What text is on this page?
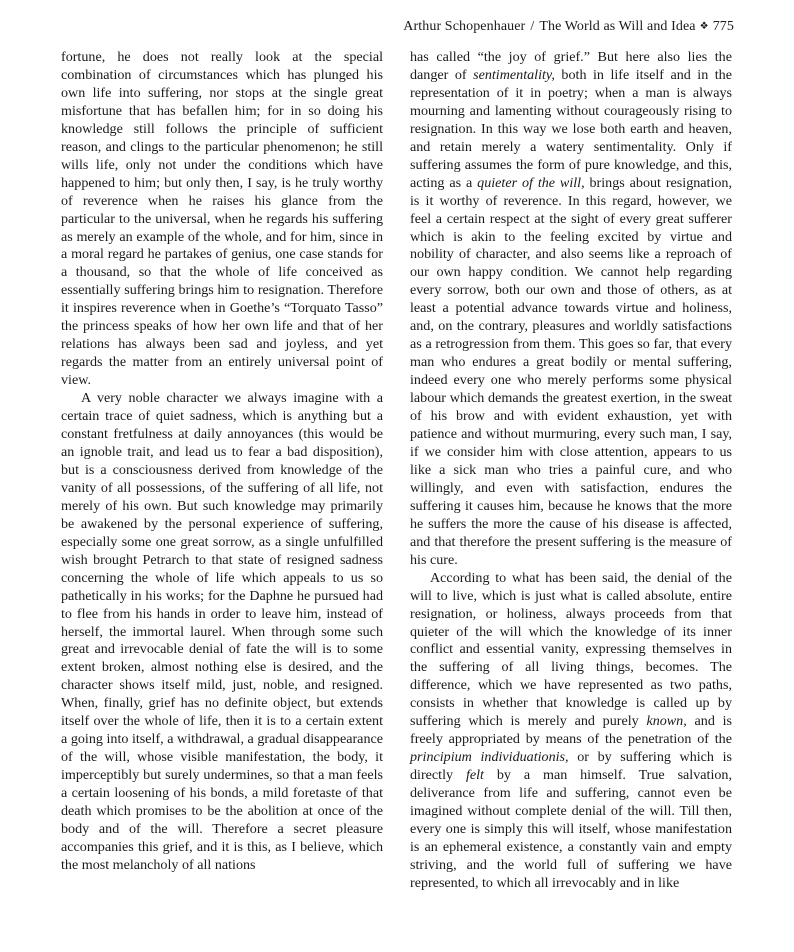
Arthur Schopenhauer / The World as Will and Idea ❖ 775

fortune, he does not really look at the special combination of circumstances which has plunged his own life into suffering, nor stops at the single great misfortune that has befallen him; for in so doing his knowledge still follows the principle of sufficient reason, and clings to the particular phenomenon; he still wills life, only not under the conditions which have happened to him; but only then, I say, is he truly worthy of reverence when he raises his glance from the particular to the universal, when he regards his suffering as merely an example of the whole, and for him, since in a moral regard he partakes of genius, one case stands for a thousand, so that the whole of life conceived as essentially suffering brings him to resignation. Therefore it inspires reverence when in Goethe’s “Torquato Tasso” the princess speaks of how her own life and that of her relations has always been sad and joyless, and yet regards the matter from an entirely universal point of view.

A very noble character we always imagine with a certain trace of quiet sadness, which is anything but a constant fretfulness at daily annoyances (this would be an ignoble trait, and lead us to fear a bad disposition), but is a consciousness derived from knowledge of the vanity of all possessions, of the suffering of all life, not merely of his own. But such knowledge may primarily be awakened by the personal experience of suffering, especially some one great sorrow, as a single unfulfilled wish brought Petrarch to that state of resigned sadness concerning the whole of life which appeals to us so pathetically in his works; for the Daphne he pursued had to flee from his hands in order to leave him, instead of herself, the immortal laurel. When through some such great and irrevocable denial of fate the will is to some extent broken, almost nothing else is desired, and the character shows itself mild, just, noble, and resigned. When, finally, grief has no definite object, but extends itself over the whole of life, then it is to a certain extent a going into itself, a withdrawal, a gradual disappearance of the will, whose visible manifestation, the body, it imperceptibly but surely undermines, so that a man feels a certain loosening of his bonds, a mild foretaste of that death which promises to be the abolition at once of the body and of the will. Therefore a secret pleasure accompanies this grief, and it is this, as I believe, which the most melancholy of all nations

has called “the joy of grief.” But here also lies the danger of sentimentality, both in life itself and in the representation of it in poetry; when a man is always mourning and lamenting without courageously rising to resignation. In this way we lose both earth and heaven, and retain merely a watery sentimentality. Only if suffering assumes the form of pure knowledge, and this, acting as a quieter of the will, brings about resignation, is it worthy of reverence. In this regard, however, we feel a certain respect at the sight of every great sufferer which is akin to the feeling excited by virtue and nobility of character, and also seems like a reproach of our own happy condition. We cannot help regarding every sorrow, both our own and those of others, as at least a potential advance towards virtue and holiness, and, on the contrary, pleasures and worldly satisfactions as a retrogression from them. This goes so far, that every man who endures a great bodily or mental suffering, indeed every one who merely performs some physical labour which demands the greatest exertion, in the sweat of his brow and with evident exhaustion, yet with patience and without murmuring, every such man, I say, if we consider him with close attention, appears to us like a sick man who tries a painful cure, and who willingly, and even with satisfaction, endures the suffering it causes him, because he knows that the more he suffers the more the cause of his disease is affected, and that therefore the present suffering is the measure of his cure.

According to what has been said, the denial of the will to live, which is just what is called absolute, entire resignation, or holiness, always proceeds from that quieter of the will which the knowledge of its inner conflict and essential vanity, expressing themselves in the suffering of all living things, becomes. The difference, which we have represented as two paths, consists in whether that knowledge is called up by suffering which is merely and purely known, and is freely appropriated by means of the penetration of the principium individuationis, or by suffering which is directly felt by a man himself. True salvation, deliverance from life and suffering, cannot even be imagined without complete denial of the will. Till then, every one is simply this will itself, whose manifestation is an ephemeral existence, a constantly vain and empty striving, and the world full of suffering we have represented, to which all irrevocably and in like
